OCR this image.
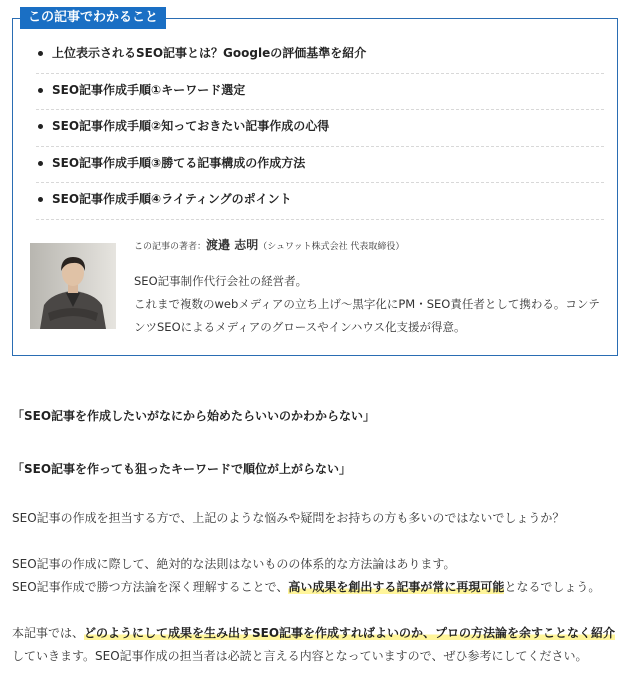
この記事でわかること
上位表示されるSEO記事とは？Googleの評価基準を紹介
SEO記事作成手順①キーワード選定
SEO記事作成手順②知っておきたい記事作成の心得
SEO記事作成手順③勝てる記事構成の作成方法
SEO記事作成手順④ライティングのポイント
この記事の著者：渡邉 志明（シュワット株式会社 代表取締役）
SEO記事制作代行会社の経営者。
これまで複数のwebメディアの立ち上げ〜黒字化にPM・SEO責任者として携わる。コンテンツSEOによるメディアのグロースやインハウス化支援が得意。

「SEO記事を作成したいがなにから始めたらいいのかわからない」

「SEO記事を作っても狙ったキーワードで順位が上がらない」

SEO記事の作成を担当する方で、上記のような悩みや疑問をお持ちの方も多いのではないでしょうか？

SEO記事の作成に際して、絶対的な法則はないものの体系的な方法論はあります。

SEO記事作成で勝つ方法論を深く理解することで、高い成果を創出する記事が常に再現可能となるでしょう。

本記事では、どのようにして成果を生み出すSEO記事を作成すればよいのか、プロの方法論を余すことなく紹介していきます。SEO記事作成の担当者は必読と言える内容となっていますので、ぜひ参考にしてください。
